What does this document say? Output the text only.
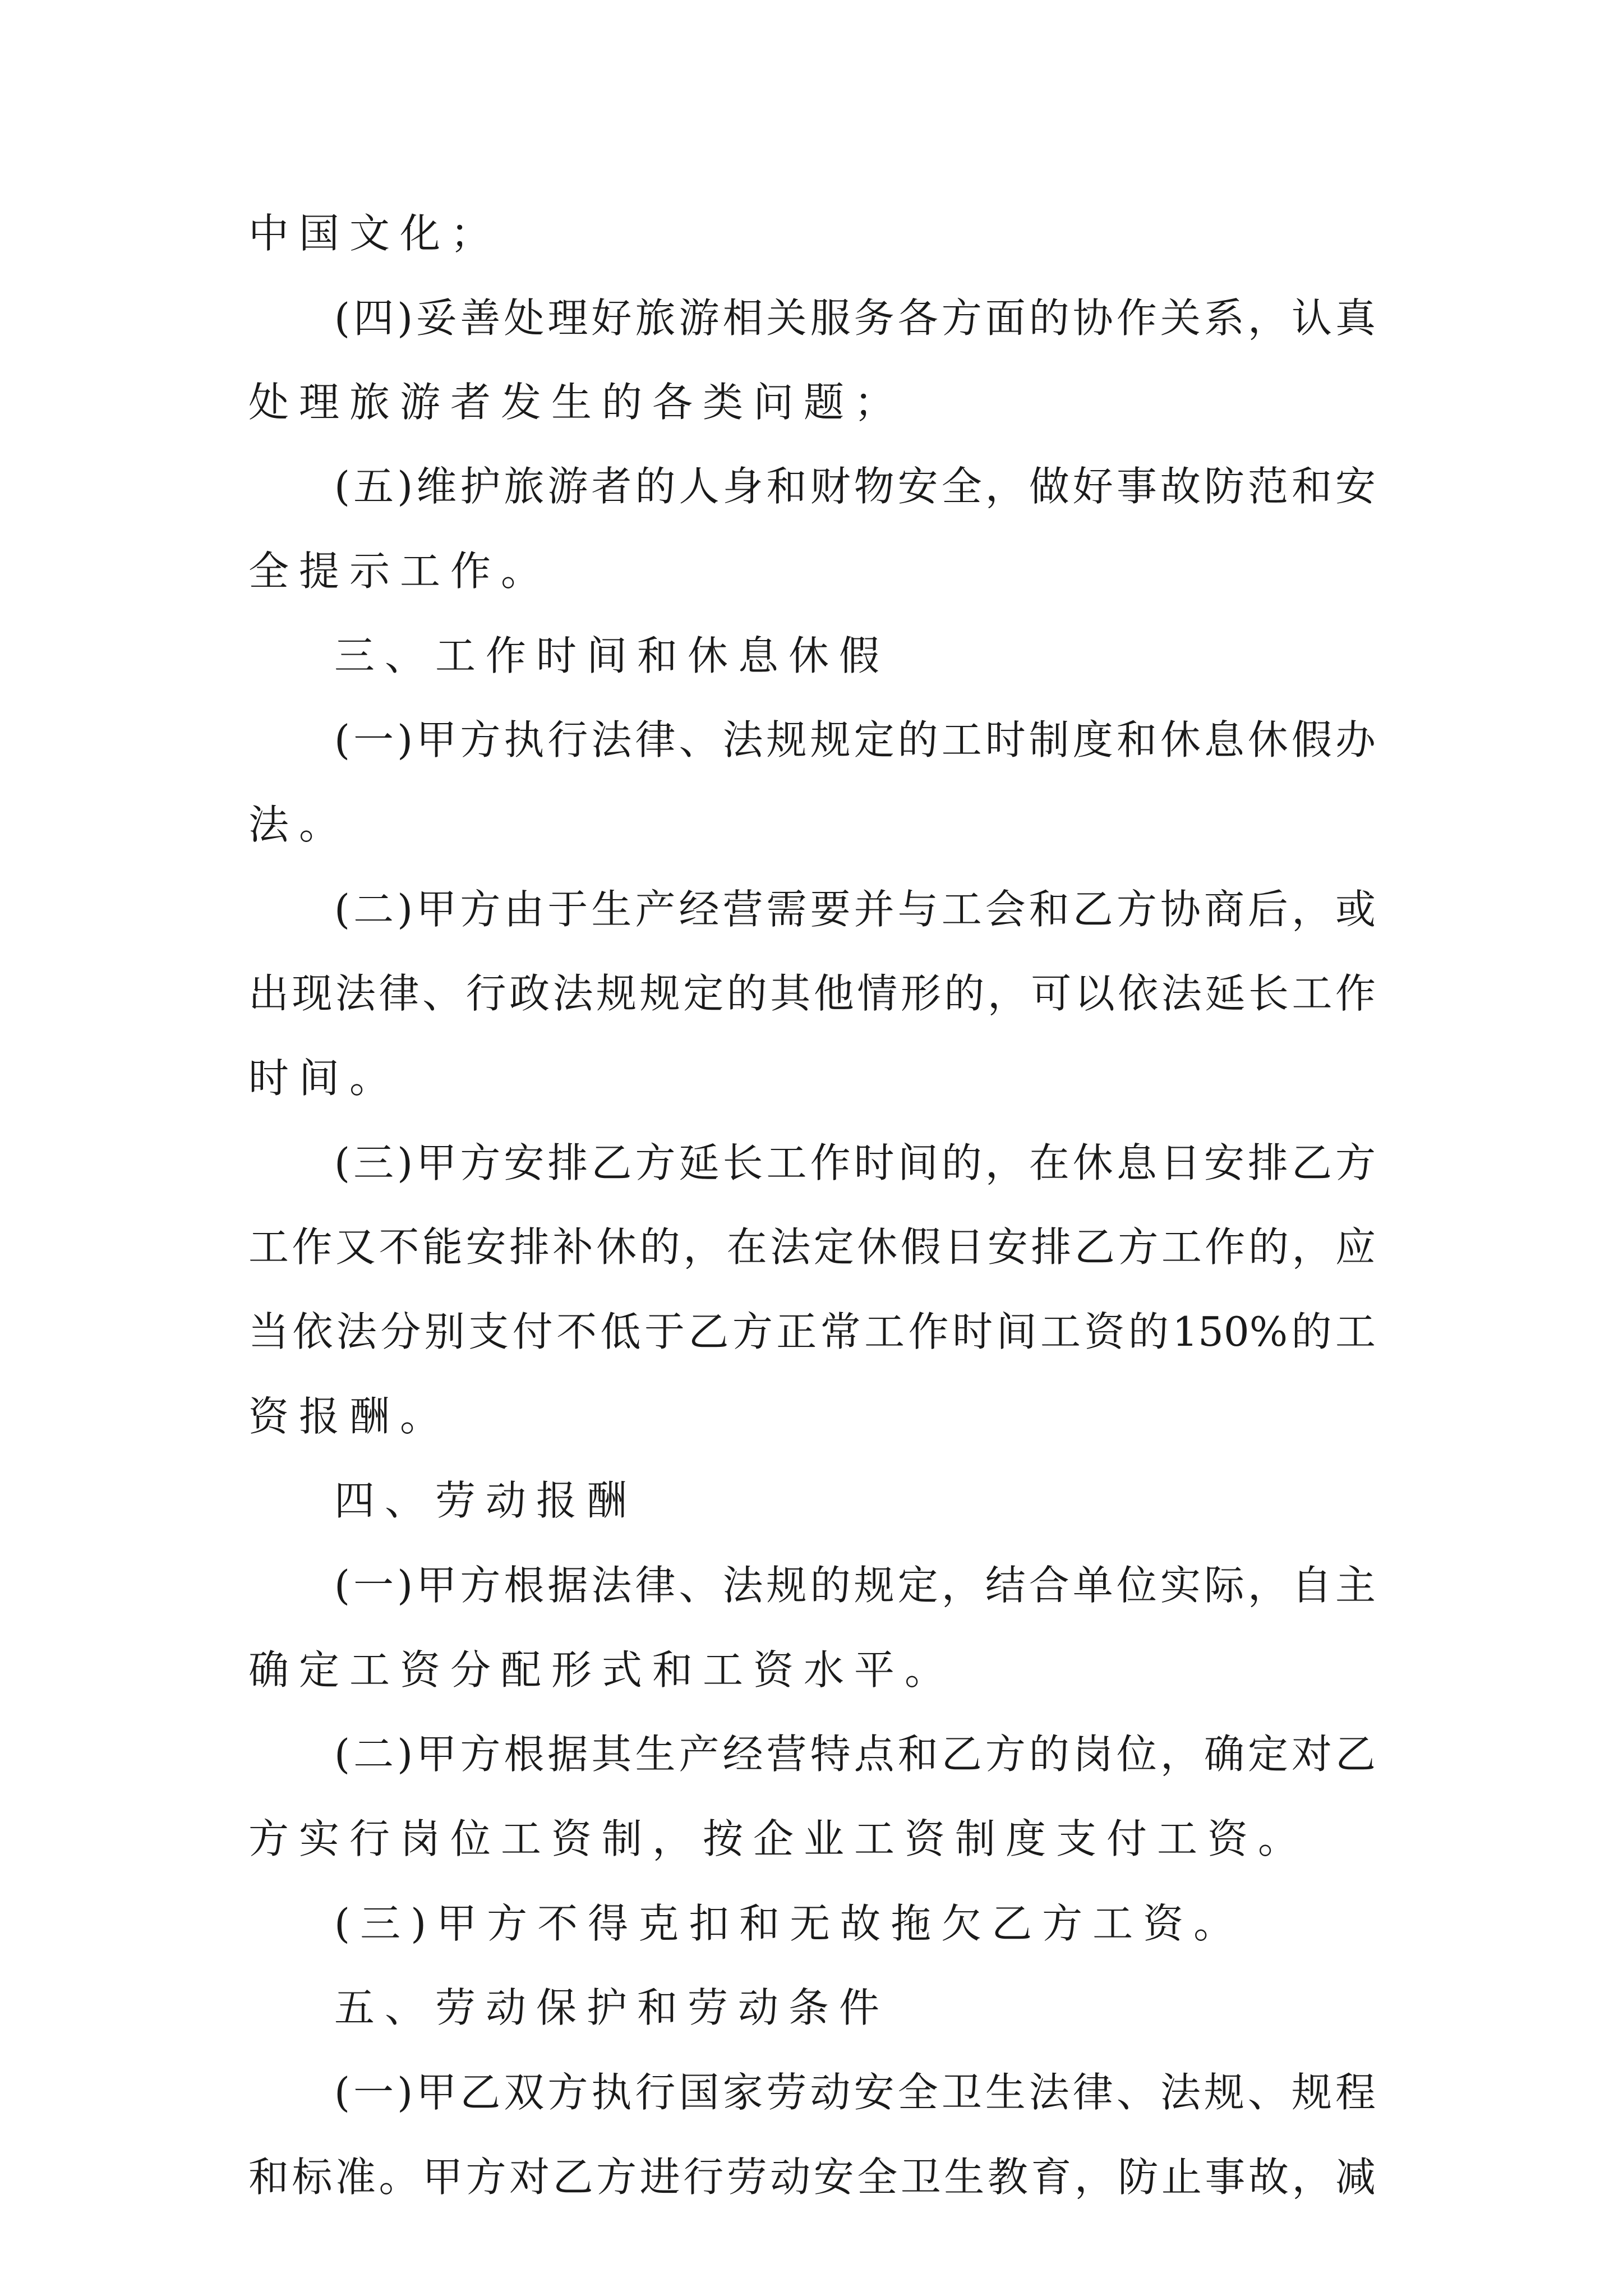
中国文化；
(四)妥善处理好旅游相关服务各方面的协作关系，认真
处理旅游者发生的各类问题；
(五)维护旅游者的人身和财物安全，做好事故防范和安
全提示工作。
三、工作时间和休息休假
(一)甲方执行法律、法规规定的工时制度和休息休假办
法。
(二)甲方由于生产经营需要并与工会和乙方协商后，或
出现法律、行政法规规定的其他情形的，可以依法延长工作
时间。
(三)甲方安排乙方延长工作时间的，在休息日安排乙方
工作又不能安排补休的，在法定休假日安排乙方工作的，应
当依法分别支付不低于乙方正常工作时间工资的150%的工
资报酬。
四、劳动报酬
(一)甲方根据法律、法规的规定，结合单位实际，自主
确定工资分配形式和工资水平。
(二)甲方根据其生产经营特点和乙方的岗位，确定对乙
方实行岗位工资制，按企业工资制度支付工资。
(三)甲方不得克扣和无故拖欠乙方工资。
五、劳动保护和劳动条件
(一)甲乙双方执行国家劳动安全卫生法律、法规、规程
和标准。甲方对乙方进行劳动安全卫生教育，防止事故，减
